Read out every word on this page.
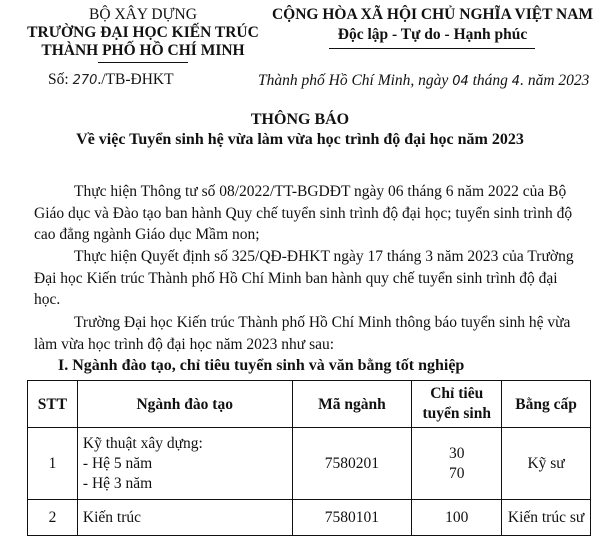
BỘ XÂY DỰNG
TRƯỜNG ĐẠI HỌC KIẾN TRÚC
THÀNH PHỐ HỒ CHÍ MINH
Số: 270./TB-ĐHKT
CỘNG HÒA XÃ HỘI CHỦ NGHĨA VIỆT NAM
Độc lập - Tự do - Hạnh phúc
Thành phố Hồ Chí Minh, ngày 04 tháng 4. năm 2023
THÔNG BÁO
Về việc Tuyển sinh hệ vừa làm vừa học trình độ đại học năm 2023
Thực hiện Thông tư số 08/2022/TT-BGDĐT ngày 06 tháng 6 năm 2022 của Bộ
Giáo dục và Đào tạo ban hành Quy chế tuyển sinh trình độ đại học; tuyển sinh trình độ
cao đẳng ngành Giáo dục Mầm non;
Thực hiện Quyết định số 325/QĐ-ĐHKT ngày 17 tháng 3 năm 2023 của Trường
Đại học Kiến trúc Thành phố Hồ Chí Minh ban hành quy chế tuyển sinh trình độ đại
học.
Trường Đại học Kiến trúc Thành phố Hồ Chí Minh thông báo tuyển sinh hệ vừa
làm vừa học trình độ đại học năm 2023 như sau:
I. Ngành đào tạo, chỉ tiêu tuyển sinh và văn bằng tốt nghiệp
STT	Ngành đào tạo	Mã ngành	Chỉ tiêu
tuyển sinh	Bằng cấp
1	Kỹ thuật xây dựng:
- Hệ 5 năm
- Hệ 3 năm	7580201	30
70	Kỹ sư
2	Kiến trúc	7580101	100	Kiến trúc sư
